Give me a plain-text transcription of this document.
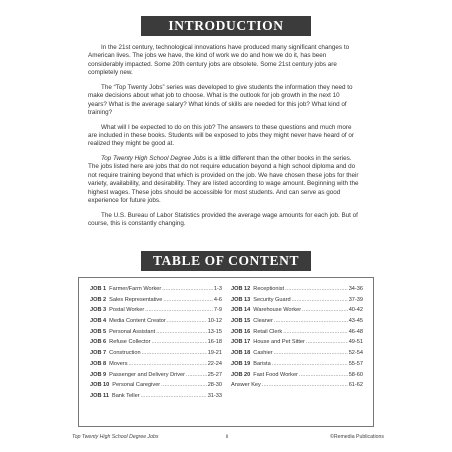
INTRODUCTION

In the 21st century, technological innovations have produced many significant changes to American lives. The jobs we have, the kind of work we do and how we do it, has been considerably impacted. Some 20th century jobs are obsolete. Some 21st century jobs are completely new.

The “Top Twenty Jobs” series was developed to give students the information they need to make decisions about what job to choose. What is the outlook for job growth in the next 10 years? What is the average salary? What kinds of skills are needed for this job? What kind of training?

What will I be expected to do on this job? The answers to these questions and much more are included in these books. Students will be exposed to jobs they might never have heard of or realized they might be good at.

Top Twenty High School Degree Jobs is a little different than the other books in the series. The jobs listed here are jobs that do not require education beyond a high school diploma and do not require training beyond that which is provided on the job. We have chosen these jobs for their variety, availability, and desirability. They are listed according to wage amount. Beginning with the highest wages. These jobs should be accessible for most students. And can serve as good experience for future jobs.

The U.S. Bureau of Labor Statistics provided the average wage amounts for each job. But of course, this is constantly changing.

TABLE OF CONTENT
JOB 1 Farmer/Farm Worker .....	1-3
JOB 2 Sales Representative .....	4-6
JOB 3 Postal Worker .....	7-9
JOB 4 Media Content Creator .....	10-12
JOB 5 Personal Assistant .....	13-15
JOB 6 Refuse Collector .....	16-18
JOB 7 Construction .....	19-21
JOB 8 Movers .....	22-24
JOB 9 Passenger and Delivery Driver .....	25-27
JOB 10 Personal Caregiver .....	28-30
JOB 11 Bank Teller .....	31-33
JOB 12 Receptionist .....	34-36
JOB 13 Security Guard .....	37-39
JOB 14 Warehouse Worker .....	40-42
JOB 15 Cleaner .....	43-45
JOB 16 Retail Clerk .....	46-48
JOB 17 House and Pet Sitter .....	49-51
JOB 18 Cashier .....	52-54
JOB 19 Barista .....	55-57
JOB 20 Fast Food Worker .....	58-60
Answer Key .....	61-62
Top Twenty High School Degree Jobs	ii	©Remedia Publications
